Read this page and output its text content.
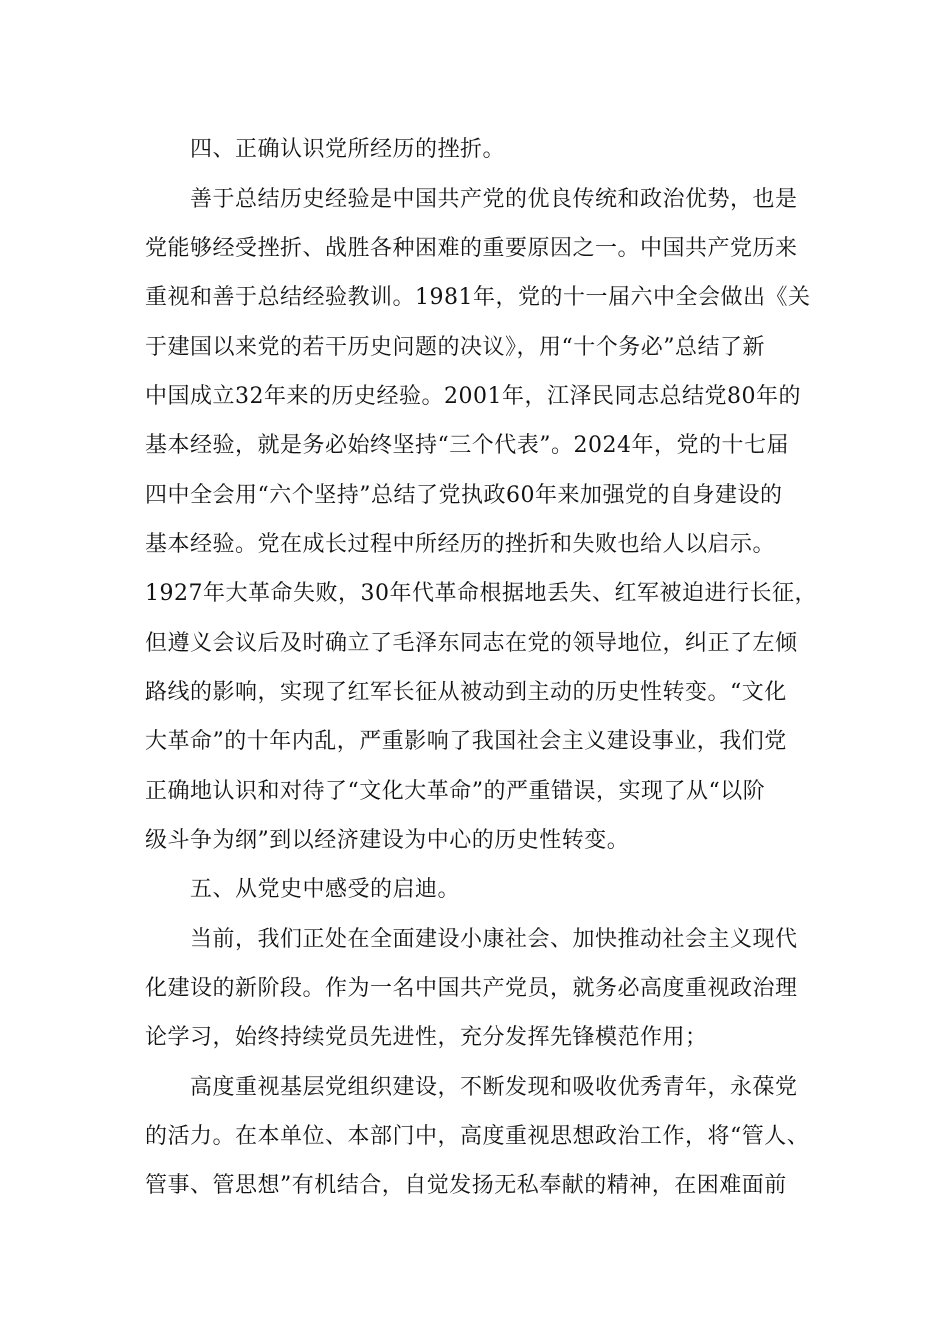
四、正确认识党所经历的挫折。
善于总结历史经验是中国共产党的优良传统和政治优势，也是
党能够经受挫折、战胜各种困难的重要原因之一。中国共产党历来
重视和善于总结经验教训。1981年，党的十一届六中全会做出《关
于建国以来党的若干历史问题的决议》，用“十个务必”总结了新
中国成立32年来的历史经验。2001年，江泽民同志总结党80年的
基本经验，就是务必始终坚持“三个代表”。2024年，党的十七届
四中全会用“六个坚持”总结了党执政60年来加强党的自身建设的
基本经验。党在成长过程中所经历的挫折和失败也给人以启示。
1927年大革命失败，30年代革命根据地丢失、红军被迫进行长征，
但遵义会议后及时确立了毛泽东同志在党的领导地位，纠正了左倾
路线的影响，实现了红军长征从被动到主动的历史性转变。“文化
大革命”的十年内乱，严重影响了我国社会主义建设事业，我们党
正确地认识和对待了“文化大革命”的严重错误，实现了从“以阶
级斗争为纲”到以经济建设为中心的历史性转变。
五、从党史中感受的启迪。
当前，我们正处在全面建设小康社会、加快推动社会主义现代
化建设的新阶段。作为一名中国共产党员，就务必高度重视政治理
论学习，始终持续党员先进性，充分发挥先锋模范作用；
高度重视基层党组织建设，不断发现和吸收优秀青年，永葆党
的活力。在本单位、本部门中，高度重视思想政治工作，将“管人、
管事、管思想”有机结合，自觉发扬无私奉献的精神，在困难面前
